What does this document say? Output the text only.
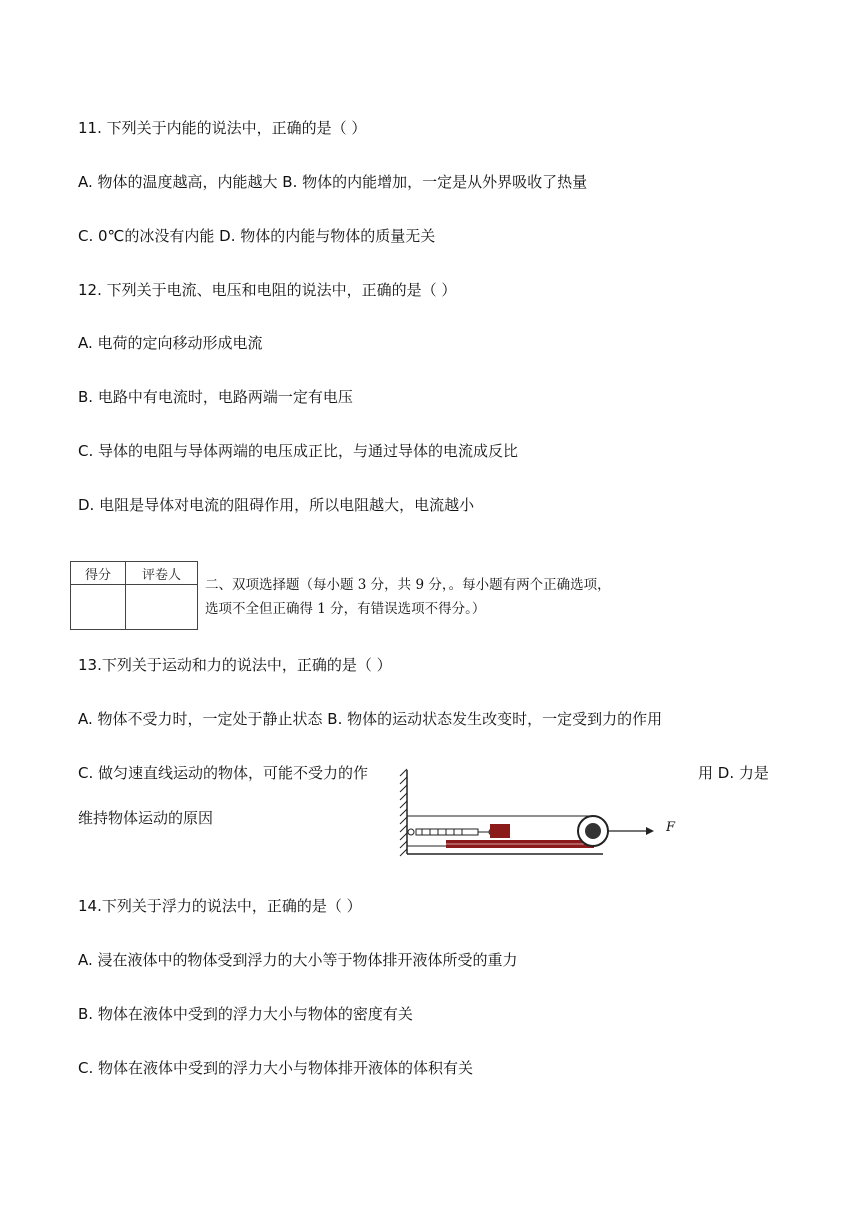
11. 下列关于内能的说法中，正确的是（ ）
A. 物体的温度越高，内能越大 B. 物体的内能增加，一定是从外界吸收了热量
C. 0℃的冰没有内能 D. 物体的内能与物体的质量无关
12. 下列关于电流、电压和电阻的说法中，正确的是（ ）
A. 电荷的定向移动形成电流
B. 电路中有电流时，电路两端一定有电压
C. 导体的电阻与导体两端的电压成正比，与通过导体的电流成反比
D. 电阻是导体对电流的阻碍作用，所以电阻越大，电流越小
得分	评卷人

二、双项选择题（每小题 3 分，共 9 分，。每小题有两个正确选项，
选项不全但正确得 1 分，有错误选项不得分。）
13.下列关于运动和力的说法中，正确的是（ ）
A. 物体不受力时，一定处于静止状态 B. 物体的运动状态发生改变时，一定受到力的作用
C. 做匀速直线运动的物体，可能不受力的作	用 D. 力是
维持物体运动的原因
F
14.下列关于浮力的说法中，正确的是（ ）
A. 浸在液体中的物体受到浮力的大小等于物体排开液体所受的重力
B. 物体在液体中受到的浮力大小与物体的密度有关
C. 物体在液体中受到的浮力大小与物体排开液体的体积有关
